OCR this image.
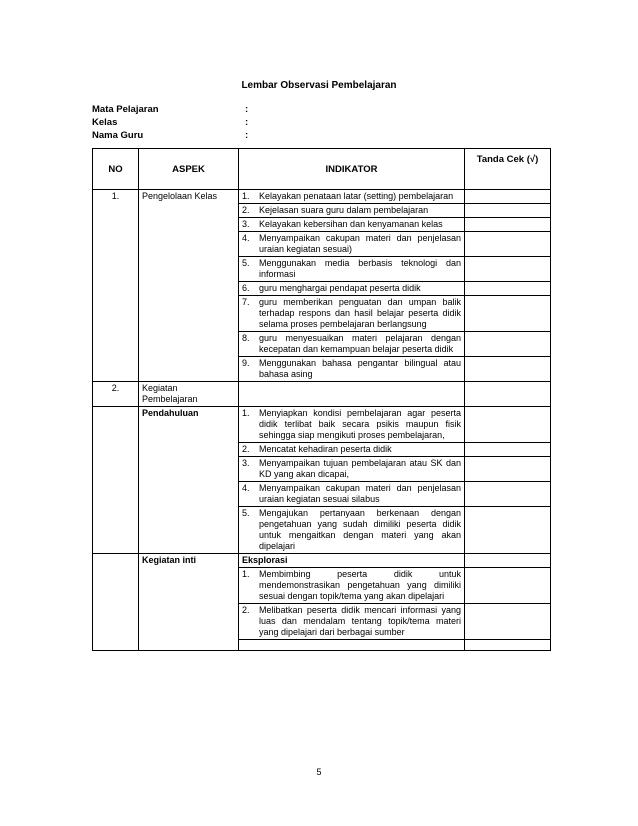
Lembar Observasi Pembelajaran
Mata Pelajaran	:
Kelas	:
Nama Guru	:
NO	ASPEK	INDIKATOR	Tanda Cek (√)
1.	Pengelolaan Kelas	1. Kelayakan penataan latar (setting) pembelajaran	

		2. Kejelasan suara guru dalam pembelajaran	

		3. Kelayakan kebersihan dan kenyamanan kelas	

		4. Menyampaikan cakupan materi dan penjelasan uraian kegiatan sesuai)	

		5. Menggunakan media berbasis teknologi dan informasi	

		6. guru menghargai pendapat peserta didik	

		7. guru memberikan penguatan dan umpan balik terhadap respons dan hasil belajar peserta didik selama proses pembelajaran berlangsung	

		8. guru menyesuaikan materi pelajaran dengan kecepatan dan kemampuan belajar peserta didik	

		9. Menggunakan bahasa pengantar bilingual atau bahasa asing	

2.	Kegiatan Pembelajaran		
	Pendahuluan	1. Menyiapkan kondisi pembelajaran agar peserta didik terlibat baik secara psikis maupun fisik sehingga siap mengikuti proses pembelajaran,	

		2. Mencatat kehadiran peserta didik	

		3. Menyampaikan tujuan pembelajaran atau SK dan KD yang akan dicapai,	

		4. Menyampaikan cakupan materi dan penjelasan uraian kegiatan sesuai silabus	

		5. Mengajukan pertanyaan berkenaan dengan pengetahuan yang sudah dimiliki peserta didik untuk mengaitkan dengan materi yang akan dipelajari	

	Kegiatan inti	Eksplorasi	

		1. Membimbing peserta didik untuk mendemonstrasikan pengetahuan yang dimiliki sesuai dengan topik/tema yang akan dipelajari	

		2. Melibatkan peserta didik mencari informasi yang luas dan mendalam tentang topik/tema materi yang dipelajari dari berbagai sumber	

5
